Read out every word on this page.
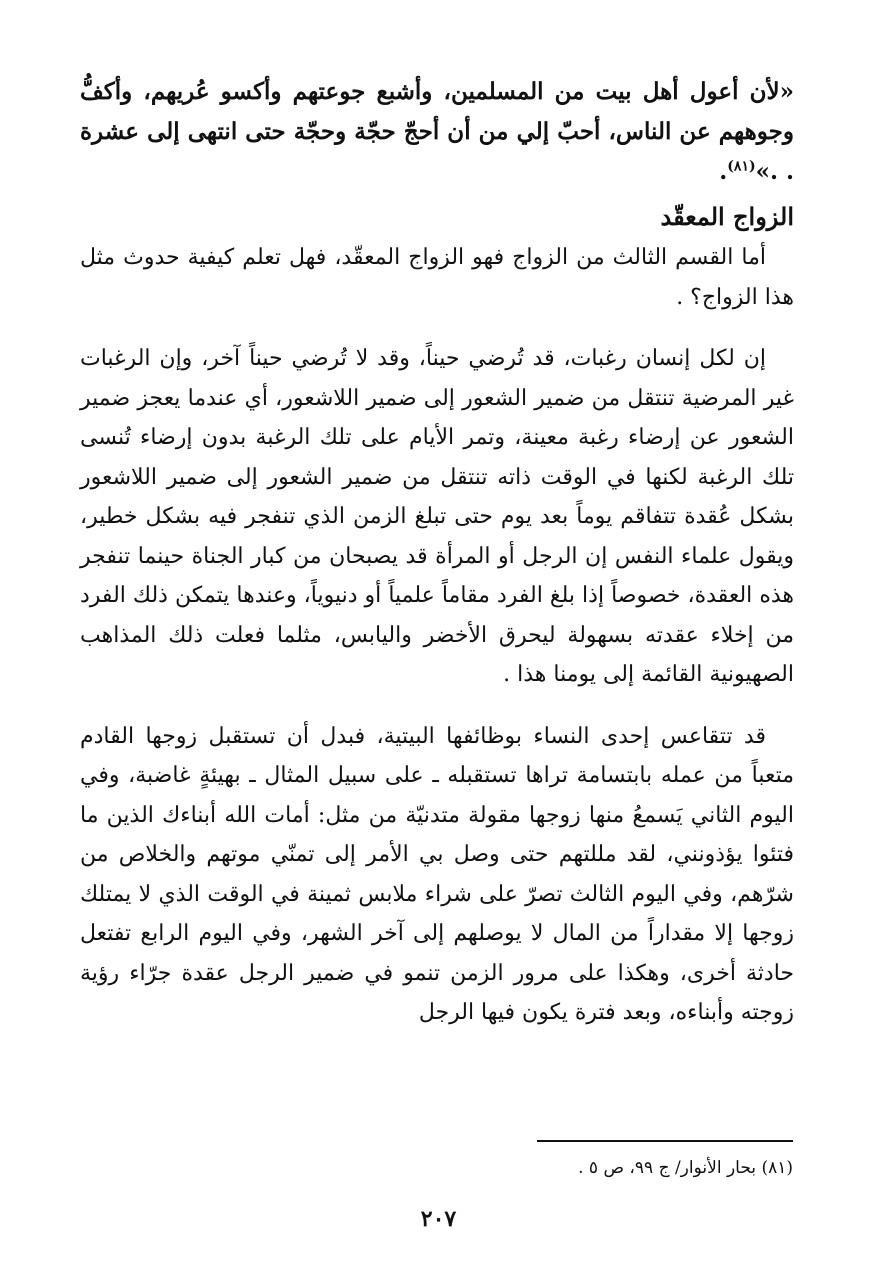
«لأن أعول أهل بيت من المسلمين، وأشبع جوعتهم وأكسو عُريهم، وأكفُّ وجوههم عن الناس، أحبّ إلي من أن أحجّ حجّة وحجّة حتى انتهى إلى عشرة . .»$^{(٨١)}$.

الزواج المعقّد

أما القسم الثالث من الزواج فهو الزواج المعقّد، فهل تعلم كيفية حدوث مثل هذا الزواج؟ .

إن لكل إنسان رغبات، قد تُرضي حيناً، وقد لا تُرضي حيناً آخر، وإن الرغبات غير المرضية تنتقل من ضمير الشعور إلى ضمير اللاشعور، أي عندما يعجز ضمير الشعور عن إرضاء رغبة معينة، وتمر الأيام على تلك الرغبة بدون إرضاء تُنسى تلك الرغبة لكنها في الوقت ذاته تنتقل من ضمير الشعور إلى ضمير اللاشعور بشكل عُقدة تتفاقم يوماً بعد يوم حتى تبلغ الزمن الذي تنفجر فيه بشكل خطير، ويقول علماء النفس إن الرجل أو المرأة قد يصبحان من كبار الجناة حينما تنفجر هذه العقدة، خصوصاً إذا بلغ الفرد مقاماً علمياً أو دنيوياً، وعندها يتمكن ذلك الفرد من إخلاء عقدته بسهولة ليحرق الأخضر واليابس، مثلما فعلت ذلك المذاهب الصهيونية القائمة إلى يومنا هذا .

قد تتقاعس إحدى النساء بوظائفها البيتية، فبدل أن تستقبل زوجها القادم متعباً من عمله بابتسامة تراها تستقبله ـ على سبيل المثال ـ بهيئةٍ غاضبة، وفي اليوم الثاني يَسمعُ منها زوجها مقولة متدنيّة من مثل: أمات الله أبناءك الذين ما فتئوا يؤذونني، لقد مللتهم حتى وصل بي الأمر إلى تمنّي موتهم والخلاص من شرّهم، وفي اليوم الثالث تصرّ على شراء ملابس ثمينة في الوقت الذي لا يمتلك زوجها إلا مقداراً من المال لا يوصلهم إلى آخر الشهر، وفي اليوم الرابع تفتعل حادثة أخرى، وهكذا على مرور الزمن تنمو في ضمير الرجل عقدة جرّاء رؤية زوجته وأبناءه، وبعد فترة يكون فيها الرجل

(٨١) بحار الأنوار/ ج ٩٩، ص ٥ .
٢٠٧
